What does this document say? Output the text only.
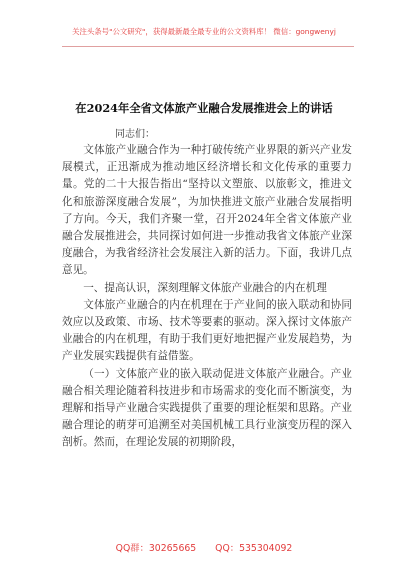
关注头条号"公文研究"，获得最新最全最专业的公文资料库！ 微信：gongwenyj
在2024年全省文体旅产业融合发展推进会上的讲话
同志们：

文体旅产业融合作为一种打破传统产业界限的新兴产业发展模式，正迅渐成为推动地区经济增长和文化传承的重要力量。党的二十大报告指出“坚持以文塑旅、以旅彰文，推进文化和旅游深度融合发展”，为加快推进文旅产业融合发展指明了方向。今天，我们齐聚一堂，召开2024年全省文体旅产业融合发展推进会，共同探讨如何进一步推动我省文体旅产业深度融合，为我省经济社会发展注入新的活力。下面，我讲几点意见。

一、提高认识，深刻理解文体旅产业融合的内在机理

文体旅产业融合的内在机理在于产业间的嵌入联动和协同效应以及政策、市场、技术等要素的驱动。深入探讨文体旅产业融合的内在机理，有助于我们更好地把握产业发展趋势，为产业发展实践提供有益借鉴。

（一）文体旅产业的嵌入联动促进文体旅产业融合。产业融合相关理论随着科技进步和市场需求的变化而不断演变，为理解和指导产业融合实践提供了重要的理论框架和思路。产业融合理论的萌芽可追溯至对美国机械工具行业演变历程的深入剖析。然而，在理论发展的初期阶段，

QQ群：30265665 QQ：535304092
